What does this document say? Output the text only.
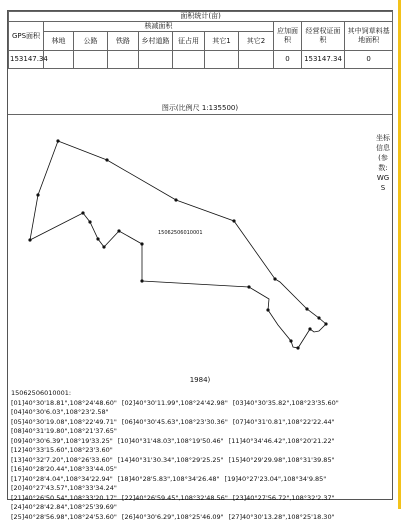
面积统计(亩)										
GPS面积	核减面积							应加面积	经营权证面积	其中饲草料基地面积
	林地	公路	铁路	乡村道路	征占用	其它1	其它2			
153147.34								0	153147.34	0
图示(比例尺 1:135500)
15062506010001
坐标
信息
(参
数:
WG
S
1984)
15062506010001:
[01]40°30'18.81",108°24'48.60" [02]40°30'11.99",108°24'42.98" [03]40°30'35.82",108°23'35.60"[04]40°30'6.03",108°23'2.58"
[05]40°30'19.08",108°22'49.71" [06]40°30'45.63",108°23'30.36" [07]40°31'0.81",108°22'22.44"[08]40°31'19.80",108°21'37.65"
[09]40°30'6.39",108°19'33.25" [10]40°31'48.03",108°19'50.46" [11]40°34'46.42",108°20'21.22"[12]40°33'15.60",108°23'3.60"
[13]40°32'7.20",108°26'33.60" [14]40°31'30.34",108°29'25.25" [15]40°29'29.98",108°31'39.85"[16]40°28'20.44",108°33'44.05"
[17]40°28'4.04",108°34'22.94" [18]40°28'5.83",108°34'26.48" [19]40°27'23.04",108°34'9.85"[20]40°27'43.57",108°33'34.24"
[21]40°26'50.54",108°33'20.17" [22]40°26'59.45",108°32'48.56" [23]40°27'56.72",108°32'2.37"[24]40°28'42.84",108°25'39.69"
[25]40°28'56.98",108°24'53.60" [26]40°30'6.29",108°25'46.09" [27]40°30'13.28",108°25'18.30"
